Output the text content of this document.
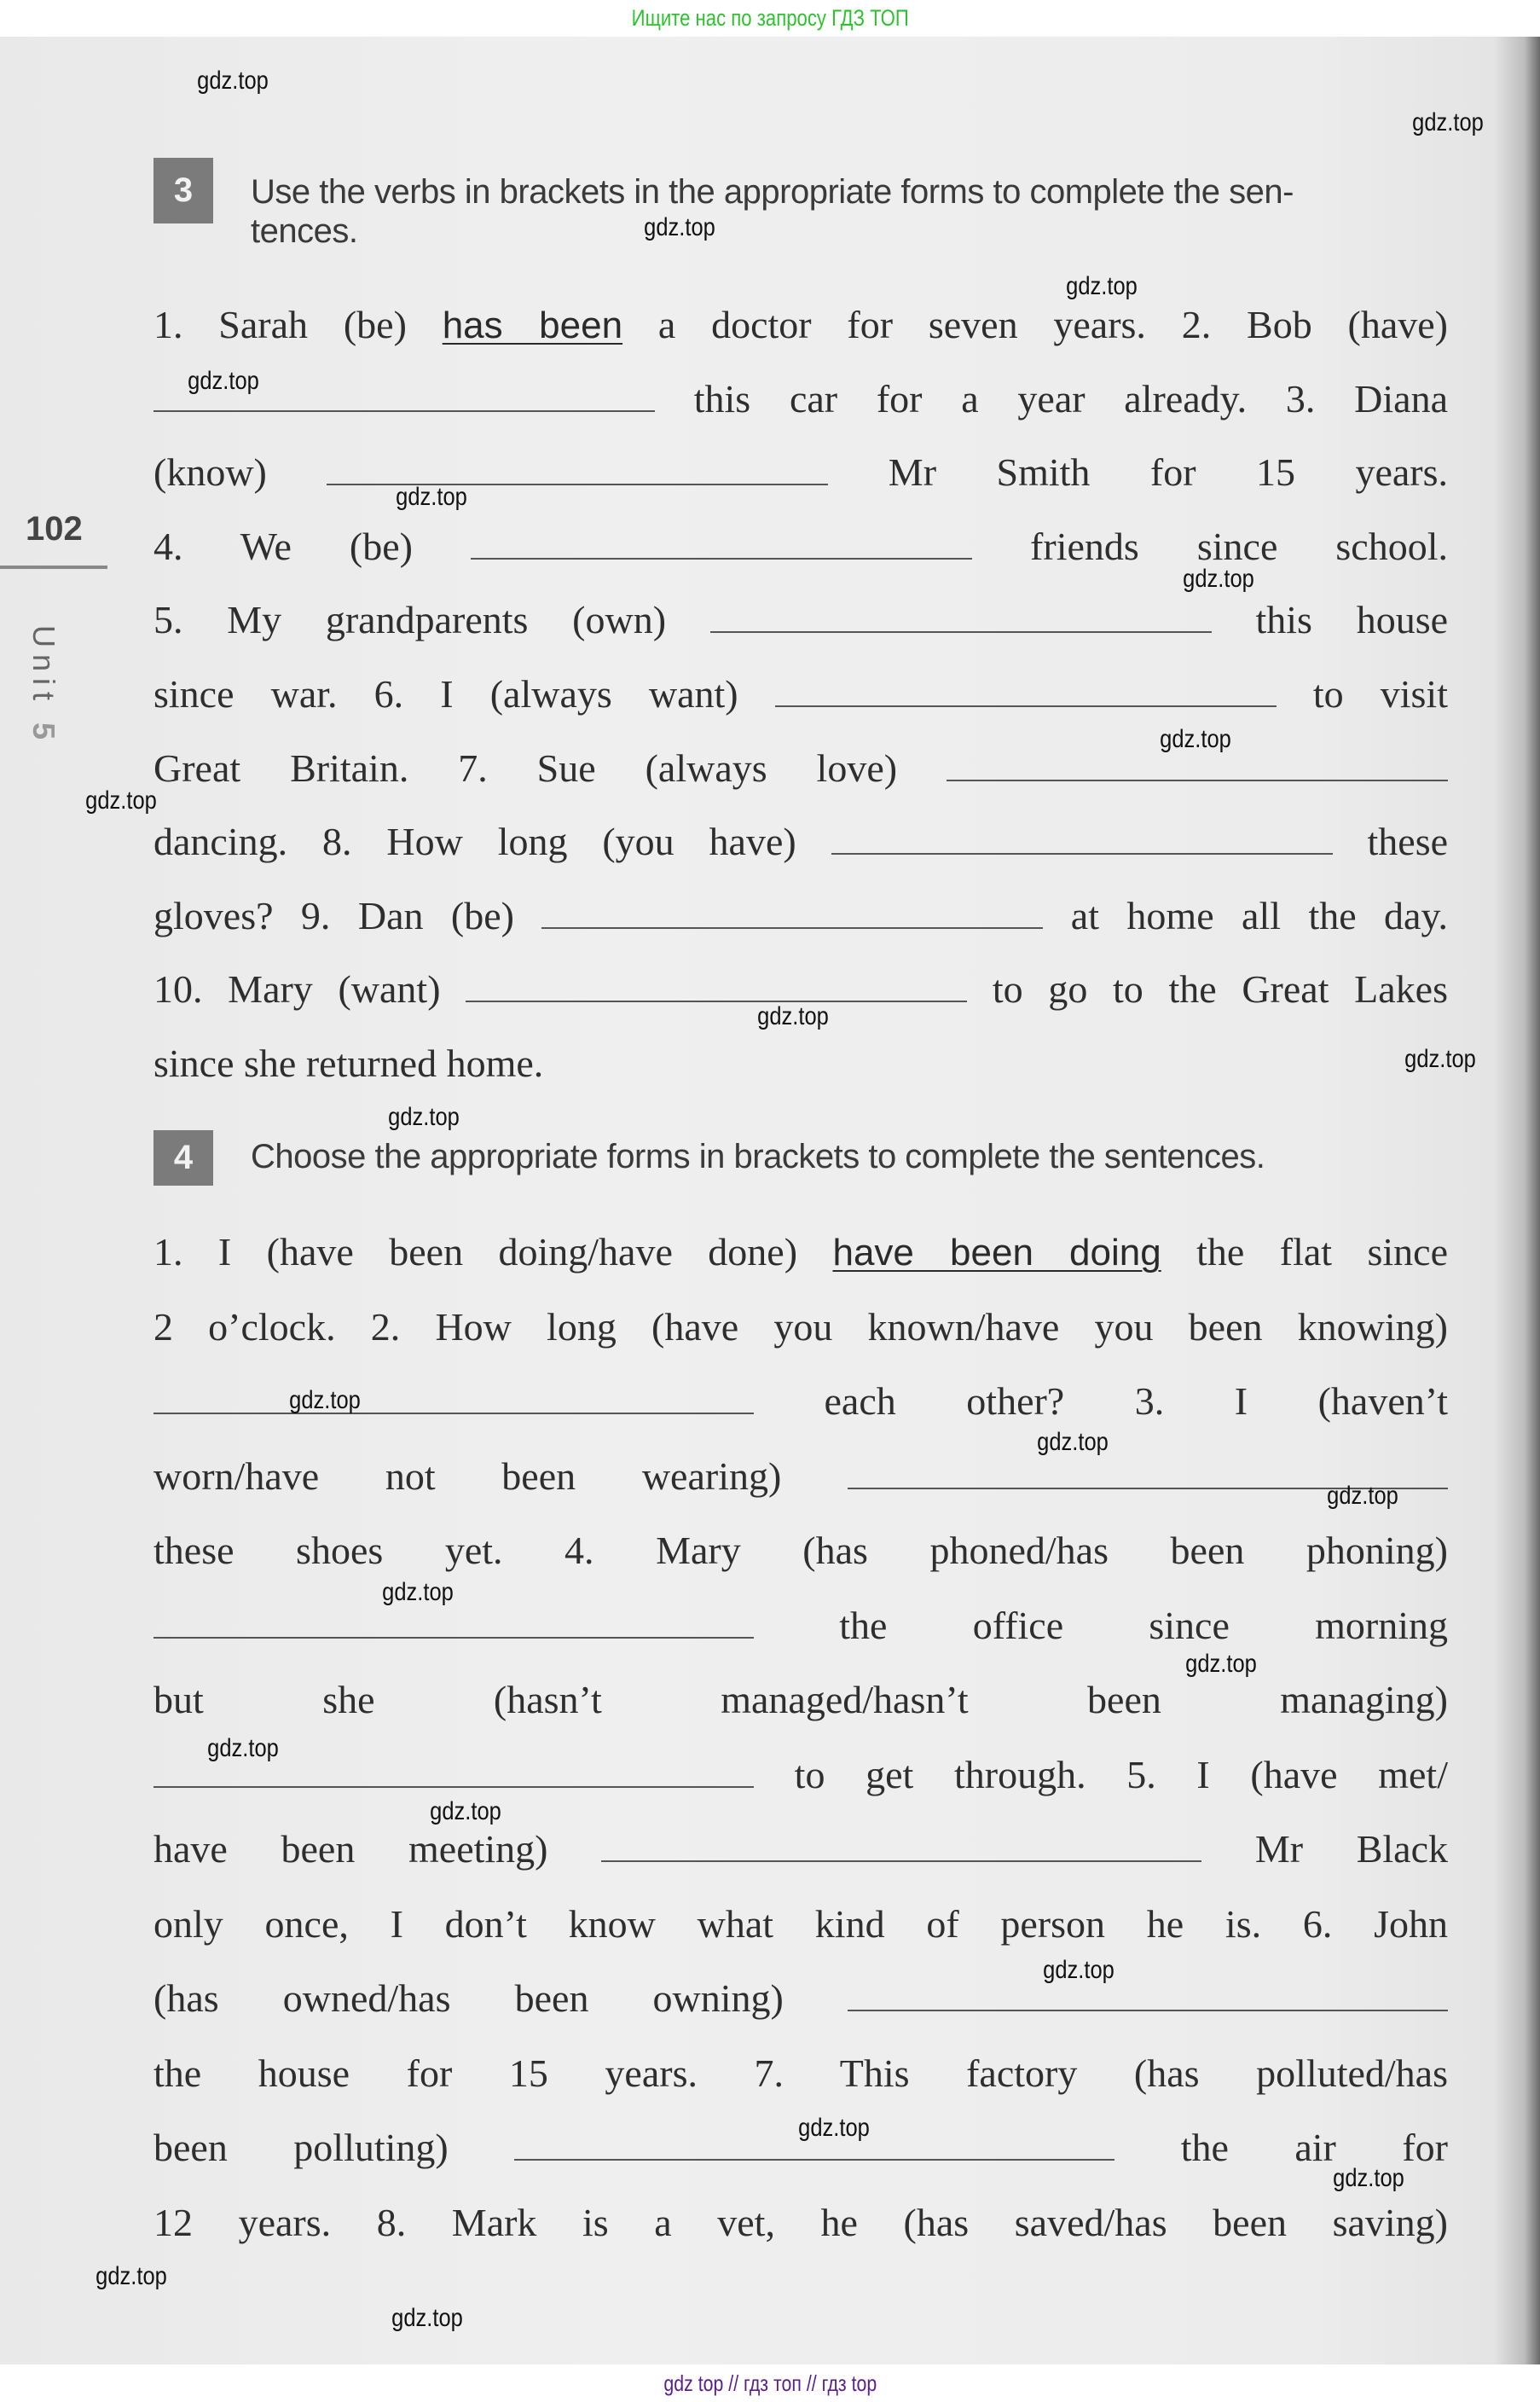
Ищите нас по запросу ГДЗ ТОП
102
Unit 5
3	Use the verbs in brackets in the appropriate forms to complete the sen-
tences.
1. Sarah (be) has been a doctor for seven years. 2. Bob (have)
this car for a year already. 3. Diana
(know)	Mr Smith for 15 years.
4. We (be)	friends since school.
5. My grandparents (own)	this house
since war. 6. I (always want)	to visit
Great Britain. 7. Sue (always love)
dancing. 8. How long (you have)	these
gloves? 9. Dan (be)	at home all the day.
10. Mary (want)	to go to the Great Lakes
since she returned home.
4	Choose the appropriate forms in brackets to complete the sentences.
1. I (have been doing/have done) have been doing the flat since
2 o’clock. 2. How long (have you known/have you been knowing)
each other? 3. I (haven’t
worn/have not been wearing)
these shoes yet. 4. Mary (has phoned/has been phoning)
the office since morning
but she (hasn’t managed/hasn’t been managing)
to get through. 5. I (have met/
have been meeting)	Mr Black
only once, I don’t know what kind of person he is. 6. John
(has owned/has been owning)
the house for 15 years. 7. This factory (has polluted/has
been polluting)	the air for
12 years. 8. Mark is a vet, he (has saved/has been saving)
gdz.top
gdz.top
gdz.top
gdz.top
gdz.top
gdz.top
gdz.top
gdz.top
gdz.top
gdz.top
gdz.top
gdz.top
gdz.top
gdz.top
gdz.top
gdz.top
gdz.top
gdz.top
gdz.top
gdz.top
gdz.top
gdz.top
gdz.top
gdz.top
gdz top // гдз топ // гдз top
